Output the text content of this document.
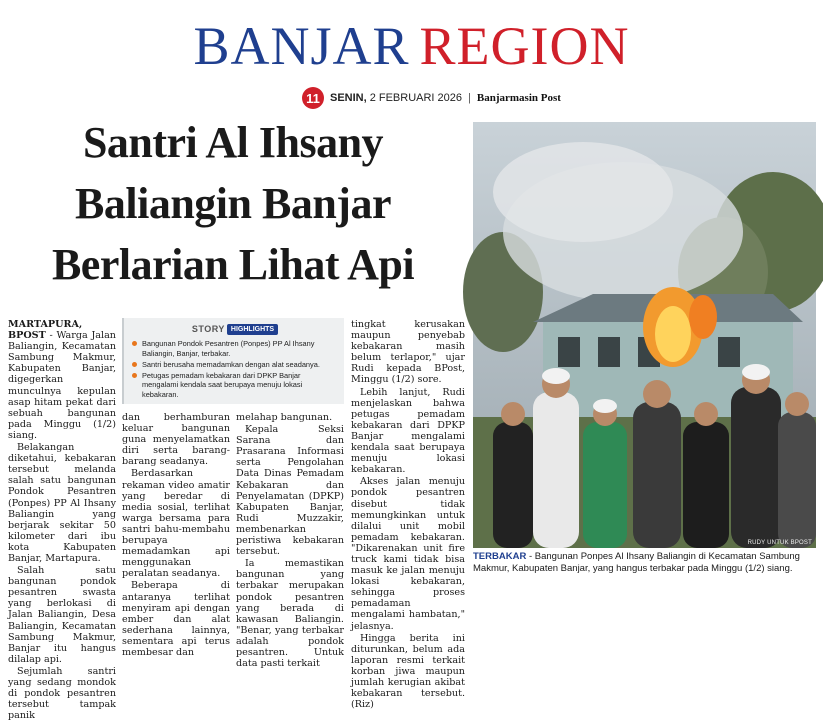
BANJAR REGION
11 SENIN, 2 FEBRUARI 2026 | Banjarmasin Post
Santri Al Ihsany
Baliangin Banjar
Berlarian Lihat Api
RUDY UNTUK BPOST
TERBAKAR - Bangunan Ponpes Al Ihsany Baliangin di Kecamatan Sambung Makmur, Kabupaten Banjar, yang hangus terbakar pada Minggu (1/2) siang.
STORY HIGHLIGHTS
Bangunan Pondok Pesantren (Ponpes) PP Al Ihsany Baliangin, Banjar, terbakar.
Santri berusaha memadamkan dengan alat seadanya.
Petugas pemadam kebakaran dari DPKP Banjar mengalami kendala saat berupaya menuju lokasi kebakaran.

MARTAPURA, BPOST - Warga Jalan Baliangin, Kecamatan Sambung Makmur, Kabupaten Banjar, digegerkan munculnya kepulan asap hitam pekat dari sebuah bangunan pada Minggu (1/2) siang.

Belakangan diketahui, kebakaran tersebut melanda salah satu bangunan Pondok Pesantren (Ponpes) PP Al Ihsany Baliangin yang berjarak sekitar 50 kilometer dari ibu kota Kabupaten Banjar, Martapura.

Salah satu bangunan pondok pesantren swasta yang berlokasi di Jalan Baliangin, Desa Baliangin, Kecamatan Sambung Makmur, Banjar itu hangus dilalap api.

Sejumlah santri yang sedang mondok di pondok pesantren tersebut tampak panik

dan berhamburan keluar bangunan guna menyelamatkan diri serta barang-barang seadanya.

Berdasarkan rekaman video amatir yang beredar di media sosial, terlihat warga bersama para santri bahu-membahu berupaya memadamkan api menggunakan peralatan seadanya.

Beberapa di antaranya terlihat menyiram api dengan ember dan alat sederhana lainnya, sementara api terus membesar dan

melahap bangunan.

Kepala Seksi Sarana dan Prasarana Informasi serta Pengolahan Data Dinas Pemadam Kebakaran dan Penyelamatan (DPKP) Kabupaten Banjar, Rudi Muzzakir, membenarkan peristiwa kebakaran tersebut.

Ia memastikan bangunan yang terbakar merupakan pondok pesantren yang berada di kawasan Baliangin. "Benar, yang terbakar adalah pondok pesantren. Untuk data pasti terkait

tingkat kerusakan maupun penyebab kebakaran masih belum terlapor," ujar Rudi kepada BPost, Minggu (1/2) sore.

Lebih lanjut, Rudi menjelaskan bahwa petugas pemadam kebakaran dari DPKP Banjar mengalami kendala saat berupaya menuju lokasi kebakaran.

Akses jalan menuju pondok pesantren disebut tidak memungkinkan untuk dilalui unit mobil pemadam kebakaran. "Dikarenakan unit fire truck kami tidak bisa masuk ke jalan menuju lokasi kebakaran, sehingga proses pemadaman mengalami hambatan," jelasnya.

Hingga berita ini diturunkan, belum ada laporan resmi terkait korban jiwa maupun jumlah kerugian akibat kebakaran tersebut. (Riz)
